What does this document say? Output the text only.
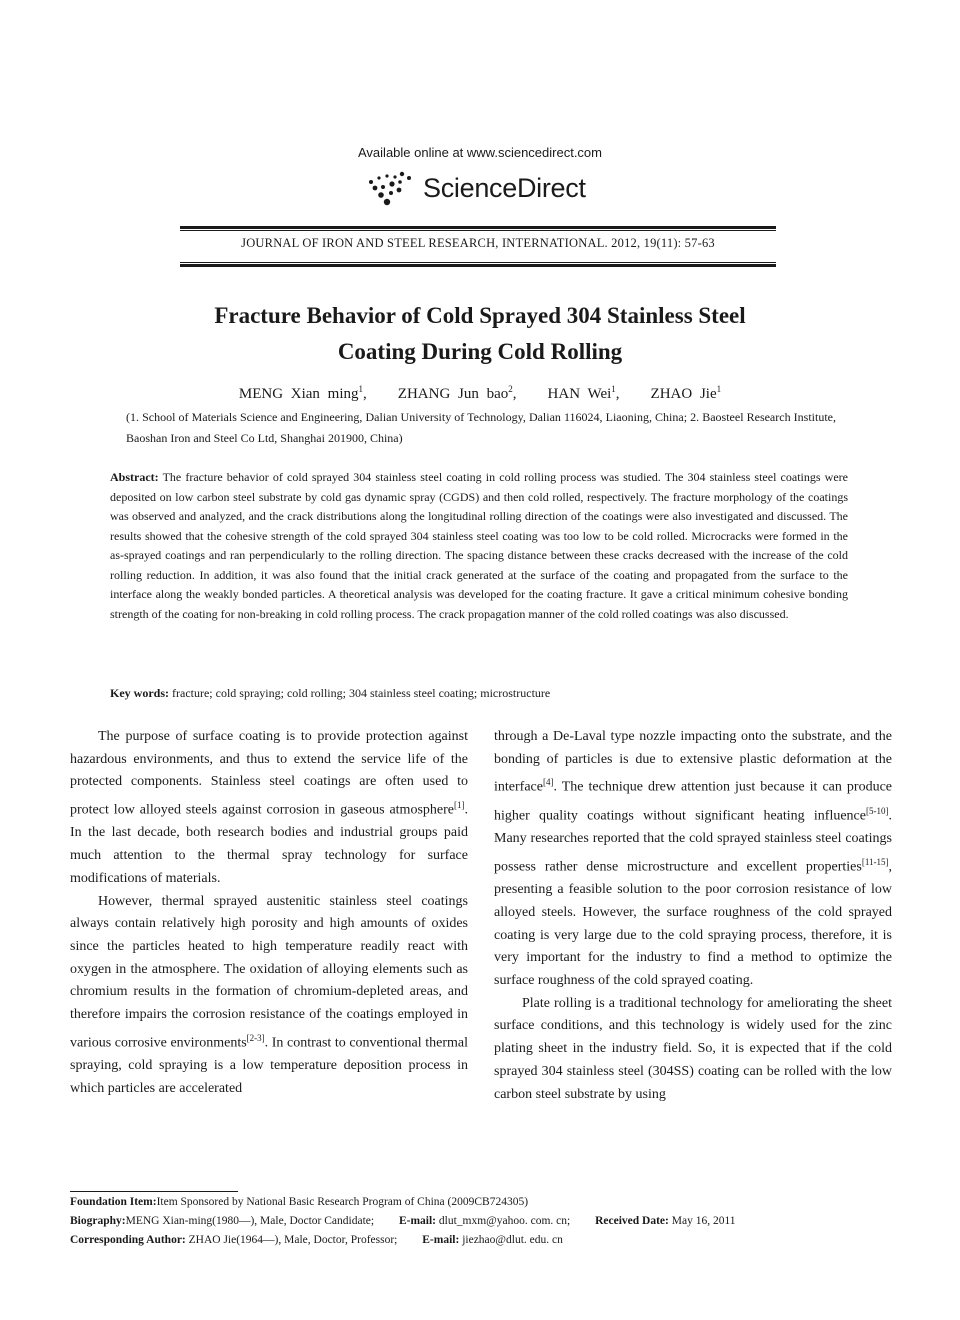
Available online at www.sciencedirect.com
ScienceDirect
JOURNAL OF IRON AND STEEL RESEARCH, INTERNATIONAL. 2012, 19(11): 57-63
Fracture Behavior of Cold Sprayed 304 Stainless Steel
Coating During Cold Rolling
MENG Xian ming$^1$, ZHANG Jun bao$^2$, HAN Wei$^1$, ZHAO Jie$^1$
(1. School of Materials Science and Engineering, Dalian University of Technology, Dalian 116024, Liaoning, China; 2. Baosteel Research Institute, Baoshan Iron and Steel Co Ltd, Shanghai 201900, China)
Abstract: The fracture behavior of cold sprayed 304 stainless steel coating in cold rolling process was studied. The 304 stainless steel coatings were deposited on low carbon steel substrate by cold gas dynamic spray (CGDS) and then cold rolled, respectively. The fracture morphology of the coatings was observed and analyzed, and the crack distributions along the longitudinal rolling direction of the coatings were also investigated and discussed. The results showed that the cohesive strength of the cold sprayed 304 stainless steel coating was too low to be cold rolled. Microcracks were formed in the as-sprayed coatings and ran perpendicularly to the rolling direction. The spacing distance between these cracks decreased with the increase of the cold rolling reduction. In addition, it was also found that the initial crack generated at the surface of the coating and propagated from the surface to the interface along the weakly bonded particles. A theoretical analysis was developed for the coating fracture. It gave a critical minimum cohesive bonding strength of the coating for non-breaking in cold rolling process. The crack propagation manner of the cold rolled coatings was also discussed.
Key words: fracture; cold spraying; cold rolling; 304 stainless steel coating; microstructure

The purpose of surface coating is to provide protection against hazardous environments, and thus to extend the service life of the protected components. Stainless steel coatings are often used to protect low alloyed steels against corrosion in gaseous atmosphere[1]. In the last decade, both research bodies and industrial groups paid much attention to the thermal spray technology for surface modifications of materials.

However, thermal sprayed austenitic stainless steel coatings always contain relatively high porosity and high amounts of oxides since the particles heated to high temperature readily react with oxygen in the atmosphere. The oxidation of alloying elements such as chromium results in the formation of chromium-depleted areas, and therefore impairs the corrosion resistance of the coatings employed in various corrosive environments[2-3]. In contrast to conventional thermal spraying, cold spraying is a low temperature deposition process in which particles are accelerated

through a De-Laval type nozzle impacting onto the substrate, and the bonding of particles is due to extensive plastic deformation at the interface[4]. The technique drew attention just because it can produce higher quality coatings without significant heating influence[5-10]. Many researches reported that the cold sprayed stainless steel coatings possess rather dense microstructure and excellent properties[11-15], presenting a feasible solution to the poor corrosion resistance of low alloyed steels. However, the surface roughness of the cold sprayed coating is very large due to the cold spraying process, therefore, it is very important for the industry to find a method to optimize the surface roughness of the cold sprayed coating.

Plate rolling is a traditional technology for ameliorating the sheet surface conditions, and this technology is widely used for the zinc plating sheet in the industry field. So, it is expected that if the cold sprayed 304 stainless steel (304SS) coating can be rolled with the low carbon steel substrate by using

Foundation Item:Item Sponsored by National Basic Research Program of China (2009CB724305)
Biography:MENG Xian-ming(1980—), Male, Doctor Candidate; E-mail: dlut_mxm@yahoo. com. cn; Received Date: May 16, 2011
Corresponding Author: ZHAO Jie(1964—), Male, Doctor, Professor; E-mail: jiezhao@dlut. edu. cn
